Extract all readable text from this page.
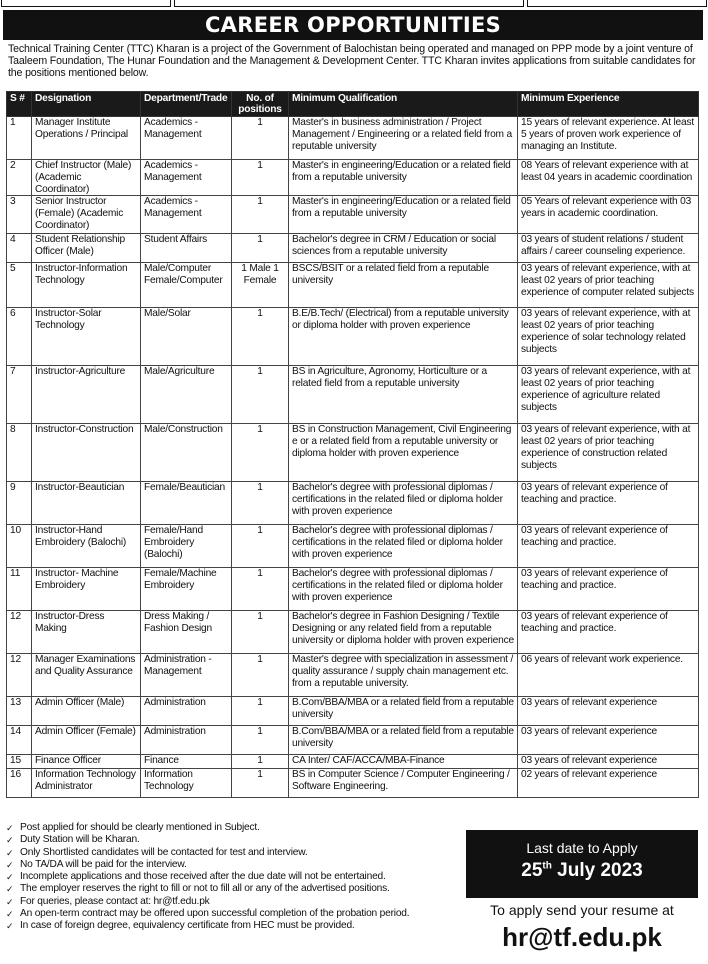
CAREER OPPORTUNITIES
Technical Training Center (TTC) Kharan is a project of the Government of Balochistan being operated and managed on PPP mode by a joint venture of Taaleem Foundation, The Hunar Foundation and the Management & Development Center. TTC Kharan invites applications from suitable candidates for the positions mentioned below.
S #	Designation	Department/Trade	No. of positions	Minimum Qualification	Minimum Experience
1	Manager Institute Operations / Principal	Academics - Management	1	Master's in business administration / Project Management / Engineering or a related field from a reputable university	15 years of relevant experience. At least 5 years of proven work experience of managing an Institute.
2	Chief Instructor (Male) (Academic Coordinator)	Academics - Management	1	Master's in engineering/Education or a related field from a reputable university	08 Years of relevant experience with at least 04 years in academic coordination
3	Senior Instructor (Female) (Academic Coordinator)	Academics - Management	1	Master's in engineering/Education or a related field from a reputable university	05 Years of relevant experience with 03 years in academic coordination.
4	Student Relationship Officer (Male)	Student Affairs	1	Bachelor's degree in CRM / Education or social sciences from a reputable university	03 years of student relations / student affairs / career counseling experience.
5	Instructor-Information Technology	Male/Computer Female/Computer	1 Male 1 Female	BSCS/BSIT or a related field from a reputable university	03 years of relevant experience, with at least 02 years of prior teaching experience of computer related subjects
6	Instructor-Solar Technology	Male/Solar	1	B.E/B.Tech/ (Electrical) from a reputable university or diploma holder with proven experience	03 years of relevant experience, with at least 02 years of prior teaching experience of solar technology related subjects
7	Instructor-Agriculture	Male/Agriculture	1	BS in Agriculture, Agronomy, Horticulture or a related field from a reputable university	03 years of relevant experience, with at least 02 years of prior teaching experience of agriculture related subjects
8	Instructor-Construction	Male/Construction	1	BS in Construction Management, Civil Engineering e or a related field from a reputable university or diploma holder with proven experience	03 years of relevant experience, with at least 02 years of prior teaching experience of construction related subjects
9	Instructor-Beautician	Female/Beautician	1	Bachelor's degree with professional diplomas / certifications in the related filed or diploma holder with proven experience	03 years of relevant experience of teaching and practice.
10	Instructor-Hand Embroidery (Balochi)	Female/Hand Embroidery (Balochi)	1	Bachelor's degree with professional diplomas / certifications in the related filed or diploma holder with proven experience	03 years of relevant experience of teaching and practice.
11	Instructor- Machine Embroidery	Female/Machine Embroidery	1	Bachelor's degree with professional diplomas / certifications in the related filed or diploma holder with proven experience	03 years of relevant experience of teaching and practice.
12	Instructor-Dress Making	Dress Making / Fashion Design	1	Bachelor's degree in Fashion Designing / Textile Designing or any related field from a reputable university or diploma holder with proven experience	03 years of relevant experience of teaching and practice.
12	Manager Examinations and Quality Assurance	Administration - Management	1	Master's degree with specialization in assessment / quality assurance / supply chain management etc. from a reputable university.	06 years of relevant work experience.
13	Admin Officer (Male)	Administration	1	B.Com/BBA/MBA or a related field from a reputable university	03 years of relevant experience
14	Admin Officer (Female)	Administration	1	B.Com/BBA/MBA or a related field from a reputable university	03 years of relevant experience
15	Finance Officer	Finance	1	CA Inter/ CAF/ACCA/MBA-Finance	03 years of relevant experience
16	Information Technology Administrator	Information Technology	1	BS in Computer Science / Computer Engineering / Software Engineering.	02 years of relevant experience
✓ Post applied for should be clearly mentioned in Subject.
✓ Duty Station will be Kharan.
✓ Only Shortlisted candidates will be contacted for test and interview.
✓ No TA/DA will be paid for the interview.
✓ Incomplete applications and those received after the due date will not be entertained.
✓ The employer reserves the right to fill or not to fill all or any of the advertised positions.
✓ For queries, please contact at: hr@tf.edu.pk
✓ An open-term contract may be offered upon successful completion of the probation period.
✓ In case of foreign degree, equivalency certificate from HEC must be provided.
Last date to Apply
25th July 2023
To apply send your resume at
hr@tf.edu.pk
